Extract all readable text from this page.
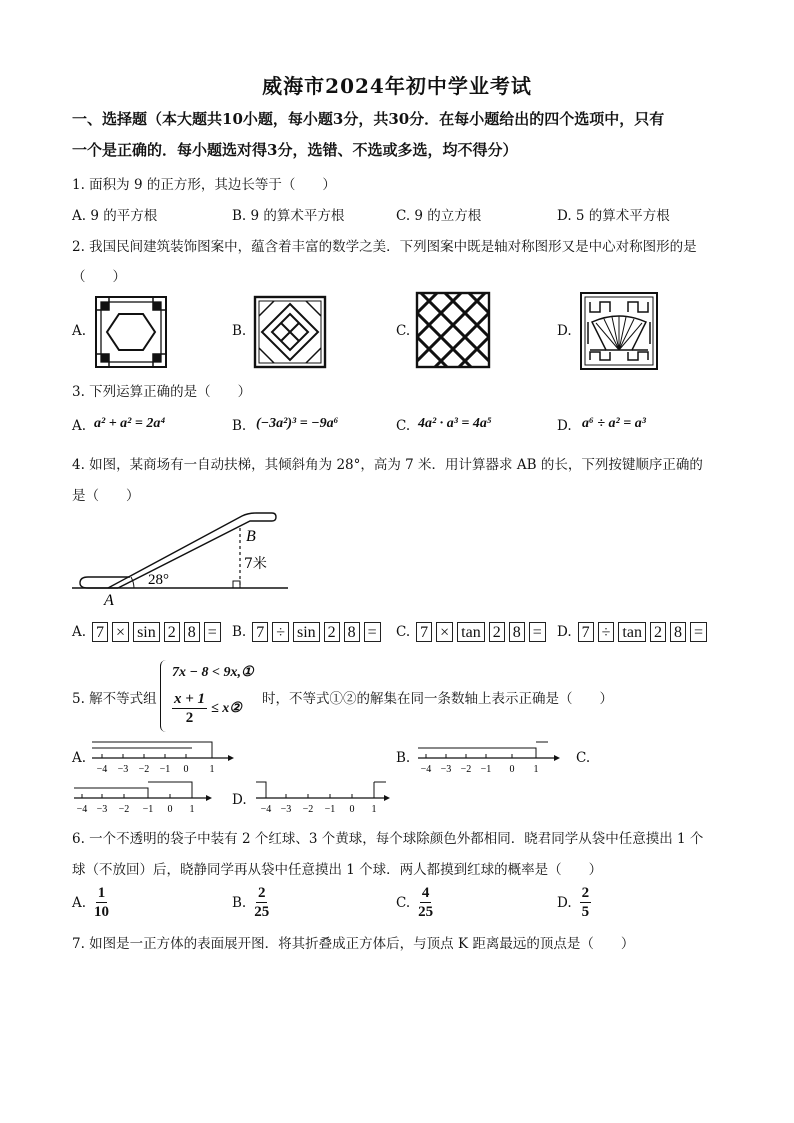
威海市2024年初中学业考试
一、选择题（本大题共10小题，每小题3分，共30分．在每小题给出的四个选项中，只有
一个是正确的．每小题选对得3分，选错、不选或多选，均不得分）
1. 面积为 9 的正方形，其边长等于（　　）
A. 9 的平方根	B. 9 的算术平方根	C. 9 的立方根	D. 5 的算术平方根
2. 我国民间建筑装饰图案中，蕴含着丰富的数学之美．下列图案中既是轴对称图形又是中心对称图形的是
（　　）
A.	B.	C.	D.
3. 下列运算正确的是（　　）
A. a² + a² = 2a⁴	B. (−3a²)³ = −9a⁶	C. 4a² · a³ = 4a⁵	D. a⁶ ÷ a² = a³
4. 如图，某商场有一自动扶梯，其倾斜角为 28°，高为 7 米．用计算器求 AB 的长，下列按键顺序正确的
是（　　）
B
7米
28°
A
A. 7 × sin 2 8 = B. 7 ÷ sin 2 8 = C. 7 × tan 2 8 = D. 7 ÷ tan 2 8 =
5. 解不等式组
7x − 8 < 9x,①
$\frac{x + 1}{2}$ ≤ x②
时，不等式①②的解集在同一条数轴上表示正确是（　　）
A.
−4 −3 −2 −1 0 1
B.
−4 −3 −2 −1 0 1
C.
−4 −3 −2 −1 0 1
D.
−4 −3 −2 −1 0 1
6. 一个不透明的袋子中装有 2 个红球、3 个黄球，每个球除颜色外都相同．晓君同学从袋中任意摸出 1 个
球（不放回）后，晓静同学再从袋中任意摸出 1 个球．两人都摸到红球的概率是（　　）
A. $\frac{1}{10}$	B. $\frac{2}{25}$	C. $\frac{4}{25}$	D. $\frac{2}{5}$
7. 如图是一正方体的表面展开图．将其折叠成正方体后，与顶点 K 距离最远的顶点是（　　）
